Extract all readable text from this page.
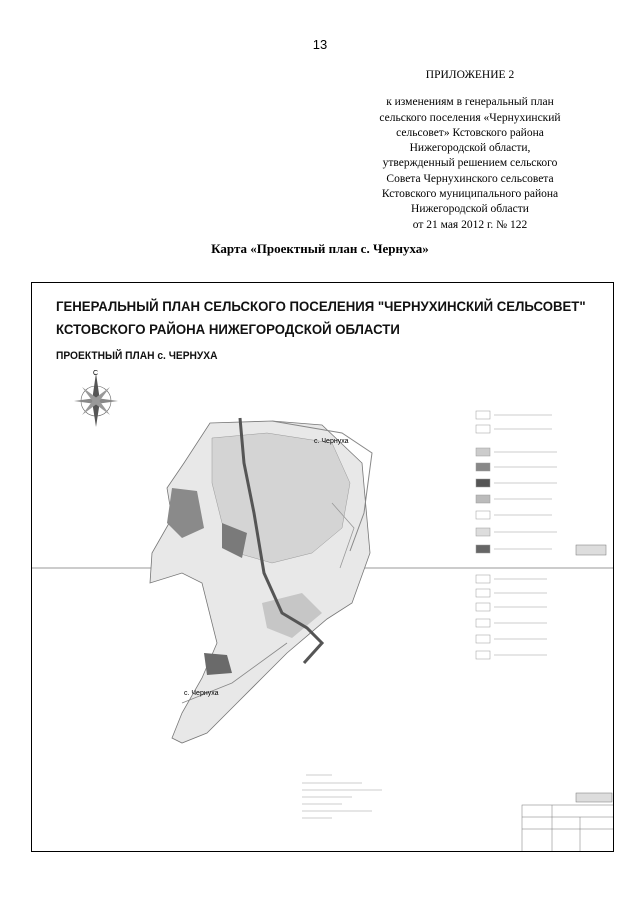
13
ПРИЛОЖЕНИЕ 2
к изменениям в генеральный план
сельского поселения «Чернухинский
сельсовет» Кстовского района
Нижегородской области,
утвержденный решением сельского
Совета Чернухинского сельсовета
Кстовского муниципального района
Нижегородской области
от 21 мая 2012 г. № 122
Карта «Проектный план с. Чернуха»
ГЕНЕРАЛЬНЫЙ ПЛАН СЕЛЬСКОГО ПОСЕЛЕНИЯ "ЧЕРНУХИНСКИЙ СЕЛЬСОВЕТ"
КСТОВСКОГО РАЙОНА НИЖЕГОРОДСКОЙ ОБЛАСТИ
ПРОЕКТНЫЙ ПЛАН с. ЧЕРНУХА
С
с. Чернуха
с. Чернуха
